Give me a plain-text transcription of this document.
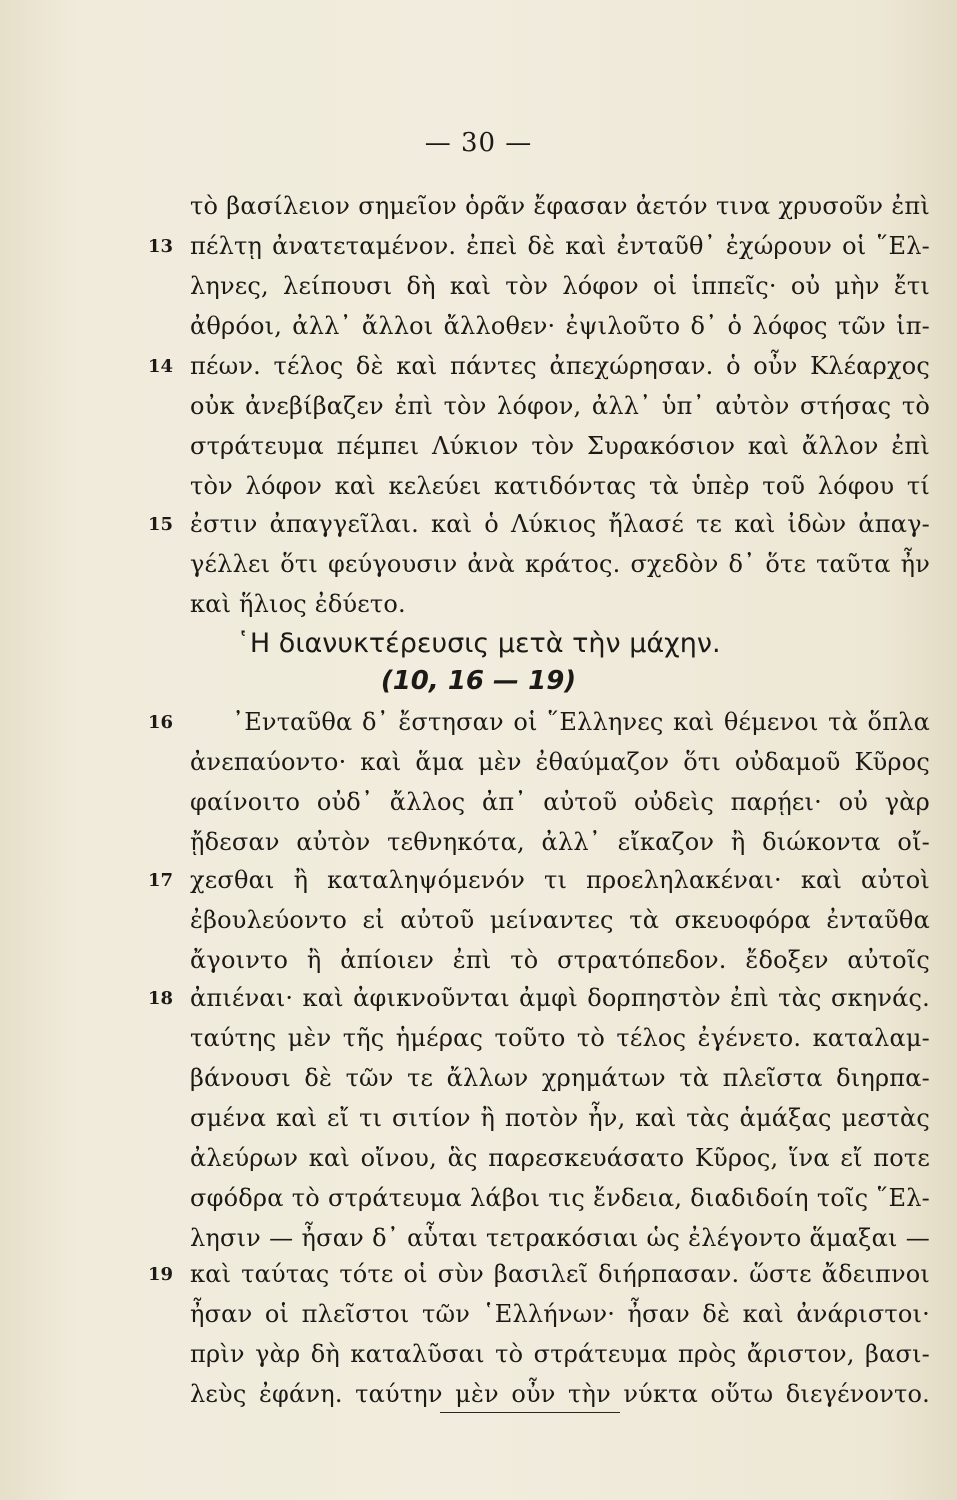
— 30 —
τὸ βασίλειον σημεῖον ὁρᾶν ἔφασαν ἀετόν τινα χρυσοῦν ἐπὶ
13 πέλτῃ ἀνατεταμένον. ἐπεὶ δὲ καὶ ἐνταῦθ᾽ ἐχώρουν οἱ ῞Ελ-
ληνες, λείπουσι δὴ καὶ τὸν λόφον οἱ ἱππεῖς· οὐ μὴν ἔτι
ἀθρόοι, ἀλλ᾽ ἄλλοι ἄλλοθεν· ἐψιλοῦτο δ᾽ ὁ λόφος τῶν ἱπ-
14 πέων. τέλος δὲ καὶ πάντες ἀπεχώρησαν. ὁ οὖν Κλέαρχος
οὐκ ἀνεβίβαζεν ἐπὶ τὸν λόφον, ἀλλ᾽ ὑπ᾽ αὐτὸν στήσας τὸ
στράτευμα πέμπει Λύκιον τὸν Συρακόσιον καὶ ἄλλον ἐπὶ
τὸν λόφον καὶ κελεύει κατιδόντας τὰ ὑπὲρ τοῦ λόφου τί
15 ἐστιν ἀπαγγεῖλαι. καὶ ὁ Λύκιος ἤλασέ τε καὶ ἰδὼν ἀπαγ-
γέλλει ὅτι φεύγουσιν ἀνὰ κράτος. σχεδὸν δ᾽ ὅτε ταῦτα ἦν
καὶ ἥλιος ἐδύετο.
῾Η διανυκτέρευσις μετὰ τὴν μάχην.
(10, 16 — 19)
16	᾽Ενταῦθα δ᾽ ἔστησαν οἱ ῞Ελληνες καὶ θέμενοι τὰ ὅπλα
ἀνεπαύοντο· καὶ ἅμα μὲν ἐθαύμαζον ὅτι οὐδαμοῦ Κῦρος
φαίνοιτο οὐδ᾽ ἄλλος ἀπ᾽ αὐτοῦ οὐδεὶς παρῄει· οὐ γὰρ
ᾔδεσαν αὐτὸν τεθνηκότα, ἀλλ᾽ εἴκαζον ἢ διώκοντα οἴ-
17 χεσθαι ἢ καταληψόμενόν τι προεληλακέναι· καὶ αὐτοὶ
ἐβουλεύοντο εἰ αὐτοῦ μείναντες τὰ σκευοφόρα ἐνταῦθα
ἄγοιντο ἢ ἀπίοιεν ἐπὶ τὸ στρατόπεδον. ἔδοξεν αὐτοῖς
18 ἀπιέναι· καὶ ἀφικνοῦνται ἀμφὶ δορπηστὸν ἐπὶ τὰς σκηνάς.
ταύτης μὲν τῆς ἡμέρας τοῦτο τὸ τέλος ἐγένετο. καταλαμ-
βάνουσι δὲ τῶν τε ἄλλων χρημάτων τὰ πλεῖστα διηρπα-
σμένα καὶ εἴ τι σιτίον ἢ ποτὸν ἦν, καὶ τὰς ἁμάξας μεστὰς
ἀλεύρων καὶ οἴνου, ἃς παρεσκευάσατο Κῦρος, ἵνα εἴ ποτε
σφόδρα τὸ στράτευμα λάβοι τις ἔνδεια, διαδιδοίη τοῖς ῞Ελ-
λησιν — ἦσαν δ᾽ αὗται τετρακόσιαι ὡς ἐλέγοντο ἅμαξαι —
19 καὶ ταύτας τότε οἱ σὺν βασιλεῖ διήρπασαν. ὥστε ἄδειπνοι
ἦσαν οἱ πλεῖστοι τῶν ῾Ελλήνων· ἦσαν δὲ καὶ ἀνάριστοι·
πρὶν γὰρ δὴ καταλῦσαι τὸ στράτευμα πρὸς ἄριστον, βασι-
λεὺς ἐφάνη. ταύτην μὲν οὖν τὴν νύκτα οὕτω διεγένοντο.
